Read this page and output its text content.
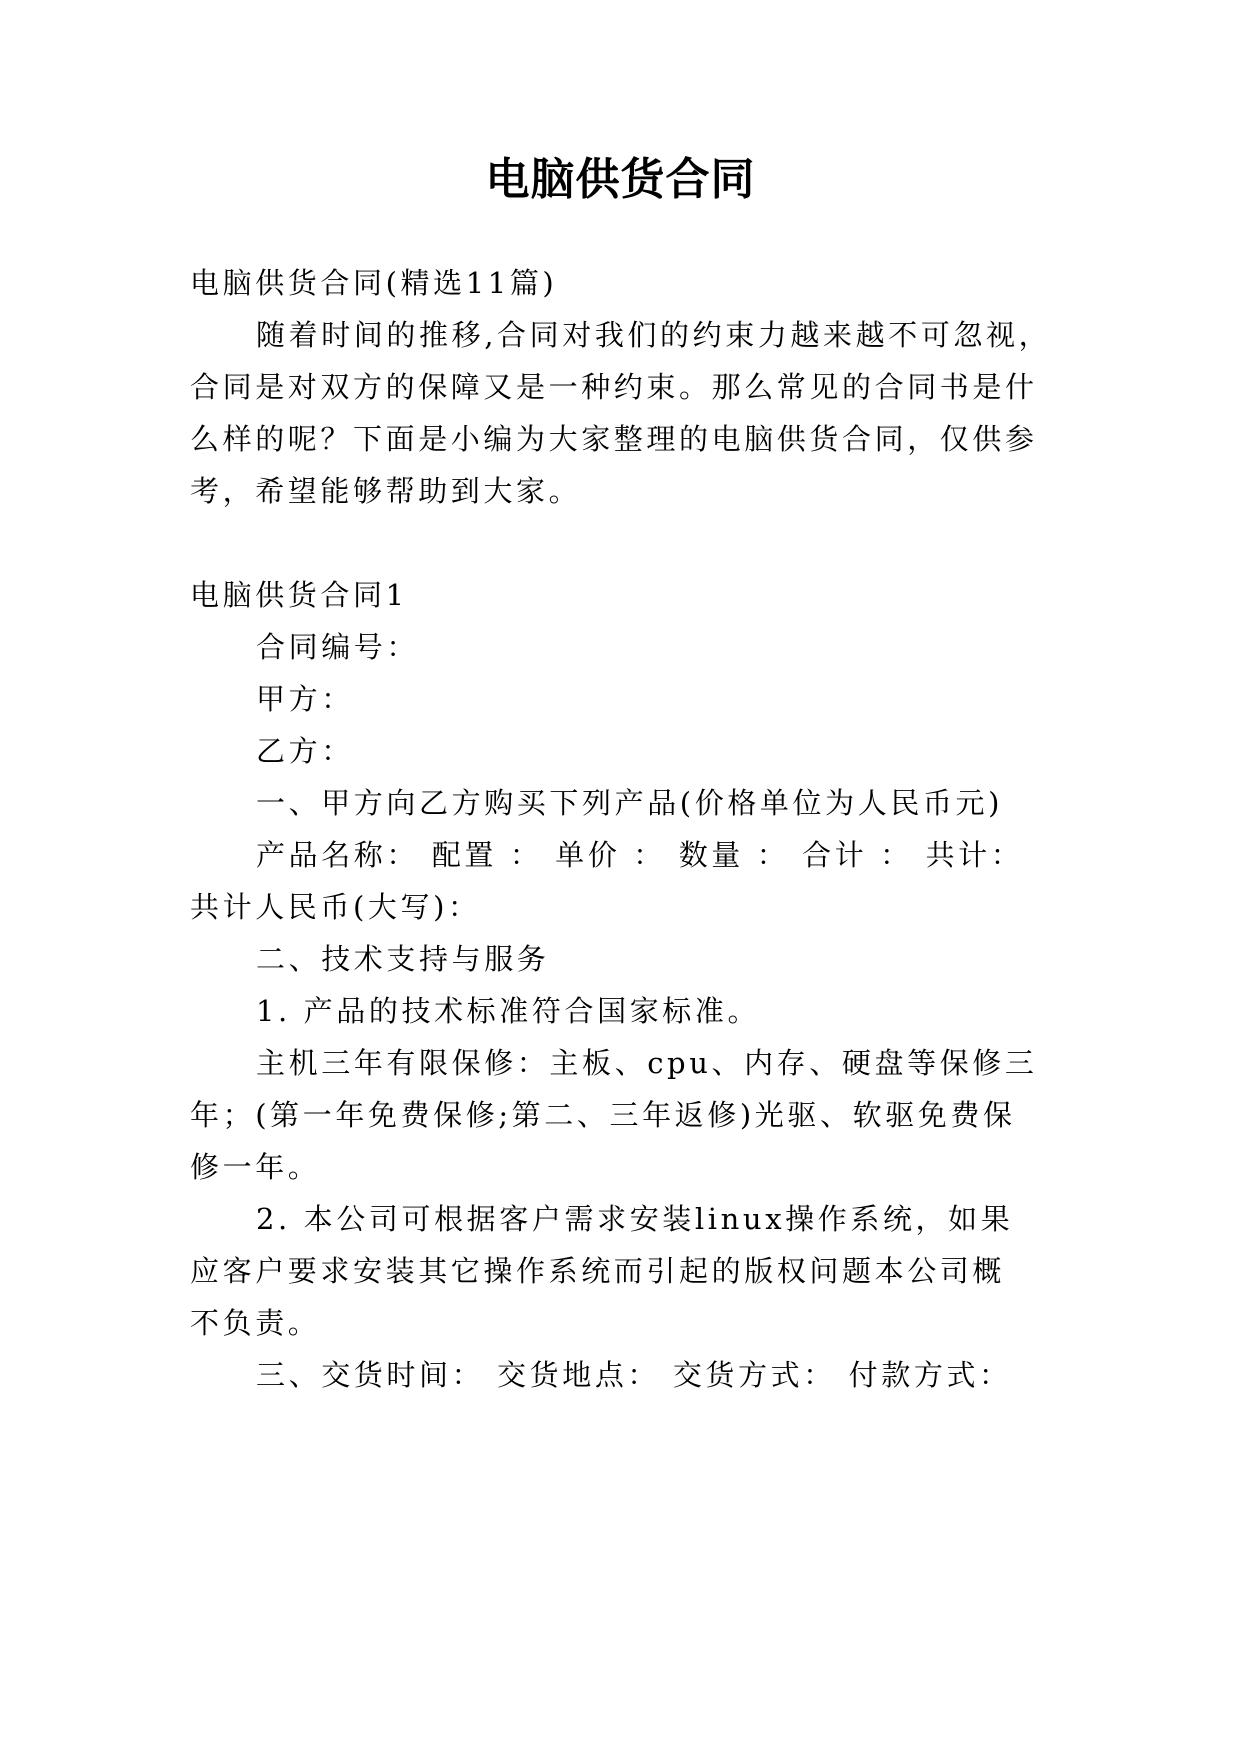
电脑供货合同

电脑供货合同(精选11篇)

随着时间的推移,合同对我们的约束力越来越不可忽视，

合同是对双方的保障又是一种约束。那么常见的合同书是什

么样的呢？下面是小编为大家整理的电脑供货合同，仅供参

考，希望能够帮助到大家。

电脑供货合同1

合同编号：

甲方：

乙方：

一、甲方向乙方购买下列产品(价格单位为人民币元)

产品名称： 配置 ： 单价 ： 数量 ： 合计 ： 共计：

共计人民币(大写)：

二、技术支持与服务

1. 产品的技术标准符合国家标准。

主机三年有限保修：主板、cpu、内存、硬盘等保修三

年；(第一年免费保修;第二、三年返修)光驱、软驱免费保

修一年。

2. 本公司可根据客户需求安装linux操作系统，如果

应客户要求安装其它操作系统而引起的版权问题本公司概

不负责。

三、交货时间： 交货地点： 交货方式： 付款方式：
